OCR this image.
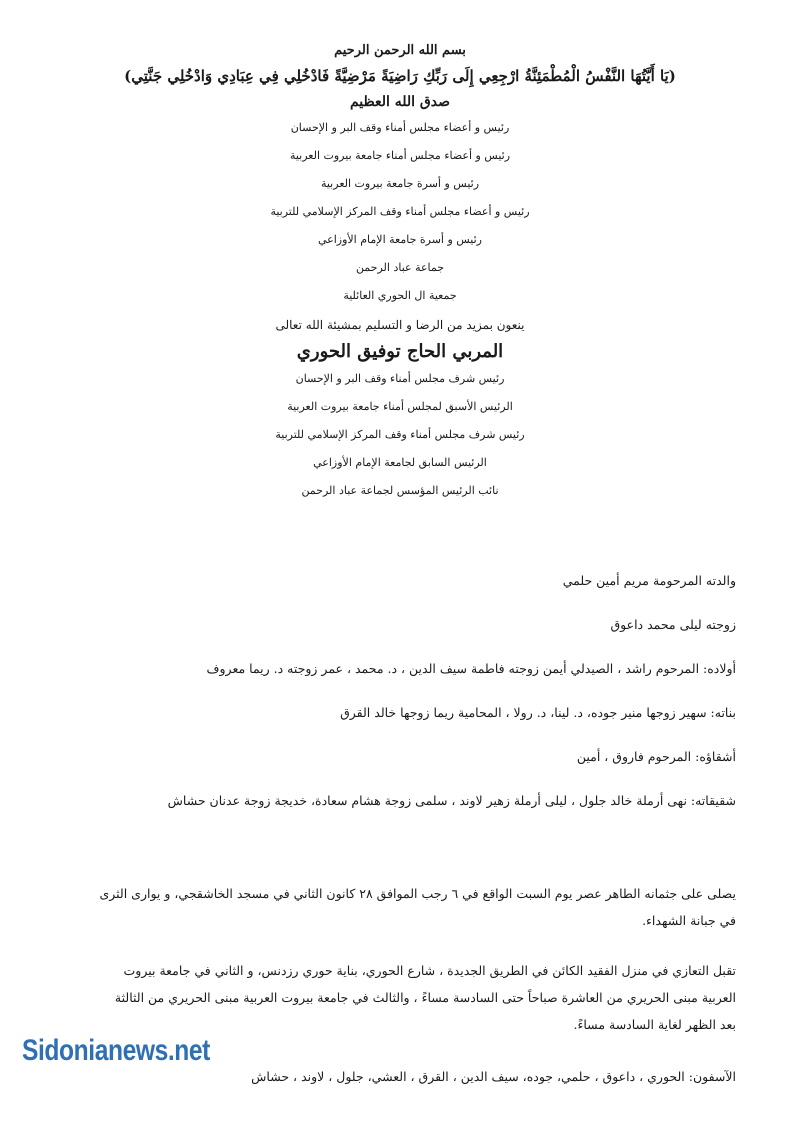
بسم الله الرحمن الرحيم
(يَا أَيَّتُهَا النَّفْسُ الْمُطْمَئِنَّةُ ارْجِعِي إِلَى رَبِّكِ رَاضِيَةً مَرْضِيَّةً فَادْخُلِي فِي عِبَادِي وَادْخُلِي جَنَّتِي)
صدق الله العظيم
رئيس و أعضاء مجلس أمناء وقف البر و الإحسان
رئيس و أعضاء مجلس أمناء جامعة بيروت العربية
رئيس و أسرة جامعة بيروت العربية
رئيس و أعضاء مجلس أمناء وقف المركز الإسلامي للتربية
رئيس و أسرة جامعة الإمام الأوزاعي
جماعة عباد الرحمن
جمعية ال الحوري العائلية
ينعون بمزيد من الرضا و التسليم بمشيئة الله تعالى
المربي الحاج توفيق الحوري
رئيس شرف مجلس أمناء وقف البر و الإحسان
الرئيس الأسبق لمجلس أمناء جامعة بيروت العربية
رئيس شرف مجلس أمناء وقف المركز الإسلامي للتربية
الرئيس السابق لجامعة الإمام الأوزاعي
نائب الرئيس المؤسس لجماعة عباد الرحمن

والدته المرحومة مريم أمين حلمي

زوجته ليلى محمد داعوق

أولاده: المرحوم راشد ، الصيدلي أيمن زوجته فاطمة سيف الدين ، د. محمد ، عمر زوجته د. ريما معروف

بناته: سهير زوجها منير جوده، د. لينا، د. رولا ، المحامية ريما زوجها خالد القرق

أشقاؤه: المرحوم فاروق ، أمين

شقيقاته: نهى أرملة خالد جلول ، ليلى أرملة زهير لاوند ، سلمى زوجة هشام سعادة، خديجة زوجة عدنان حشاش

يصلى على جثمانه الطاهر عصر يوم السبت الواقع في ٦ رجب الموافق ٢٨ كانون الثاني في مسجد الخاشقجي، و يوارى الثرى في جبانة الشهداء.

تقبل التعازي في منزل الفقيد الكائن في الطريق الجديدة ، شارع الحوري، بناية حوري رزدنس، و الثاني في جامعة بيروت العربية مبنى الحريري من العاشرة صباحاً حتى السادسة مساءً ، والثالث في جامعة بيروت العربية مبنى الحريري من الثالثة بعد الظهر لغاية السادسة مساءً.

الآسفون: الحوري ، داعوق ، حلمي، جوده، سيف الدين ، القرق ، العشي، جلول ، لاوند ، حشاش

Sidonianews.net
